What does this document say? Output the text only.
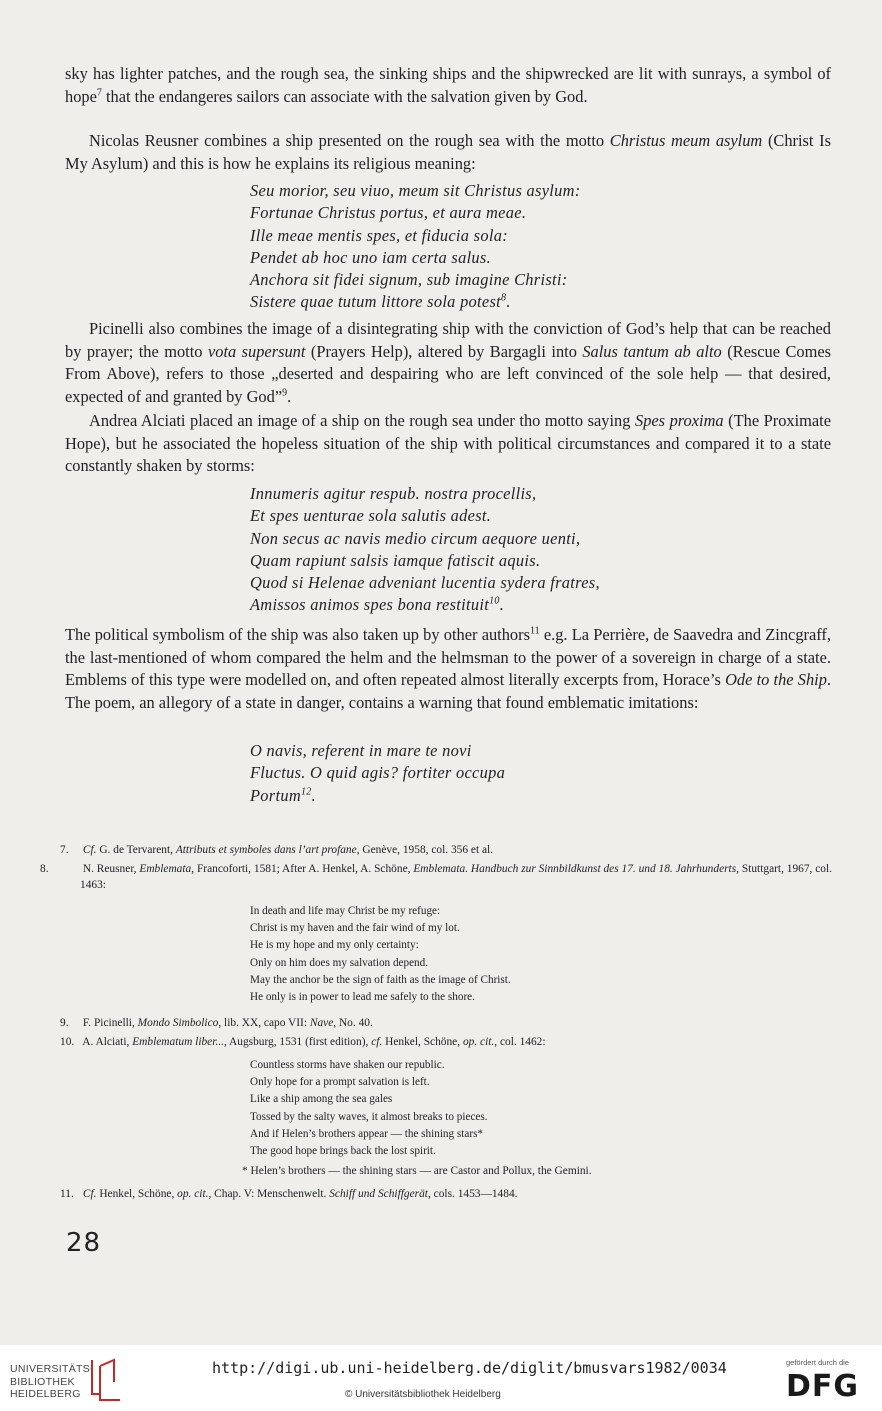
sky has lighter patches, and the rough sea, the sinking ships and the shipwrecked are lit with sunrays, a symbol of hope$^7$ that the endangeres sailors can associate with the salvation given by God.

Nicolas Reusner combines a ship presented on the rough sea with the motto Christus meum asylum (Christ Is My Asylum) and this is how he explains its religious meaning:

Seu morior, seu viuo, meum sit Christus asylum:
Fortunae Christus portus, et aura meae.
Ille meae mentis spes, et fiducia sola:
Pendet ab hoc uno iam certa salus.
Anchora sit fidei signum, sub imagine Christi:
Sistere quae tutum littore sola potest$^8$.

Picinelli also combines the image of a disintegrating ship with the conviction of God’s help that can be reached by prayer; the motto vota supersunt (Prayers Help), altered by Bargagli into Salus tantum ab alto (Rescue Comes From Above), refers to those „deserted and despairing who are left convinced of the sole help — that desired, expected of and granted by God”$^9$.

Andrea Alciati placed an image of a ship on the rough sea under tho motto saying Spes proxima (The Proximate Hope), but he associated the hopeless situation of the ship with political circumstances and compared it to a state constantly shaken by storms:

Innumeris agitur respub. nostra procellis,
Et spes uenturae sola salutis adest.
Non secus ac navis medio circum aequore uenti,
Quam rapiunt salsis iamque fatiscit aquis.
Quod si Helenae adveniant lucentia sydera fratres,
Amissos animos spes bona restituit$^{10}$.

The political symbolism of the ship was also taken up by other authors$^{11}$ e.g. La Perrière, de Saavedra and Zincgraff, the last-mentioned of whom compared the helm and the helmsman to the power of a sovereign in charge of a state. Emblems of this type were modelled on, and often repeated almost literally excerpts from, Horace’s Ode to the Ship. The poem, an allegory of a state in danger, contains a warning that found emblematic imitations:

O navis, referent in mare te novi
Fluctus. O quid agis? fortiter occupa
Portum$^{12}$.
7. Cf. G. de Tervarent, Attributs et symboles dans l’art profane, Genève, 1958, col. 356 et al.
8.	N. Reusner, Emblemata, Francoforti, 1581; After A. Henkel, A. Schöne, Emblemata. Handbuch zur Sinnbildkunst des 17. und 18. Jahrhunderts, Stuttgart, 1967, col. 1463:
In death and life may Christ be my refuge:
Christ is my haven and the fair wind of my lot.
He is my hope and my only certainty:
Only on him does my salvation depend.
May the anchor be the sign of faith as the image of Christ.
He only is in power to lead me safely to the shore.
9. F. Picinelli, Mondo Simbolico, lib. XX, capo VII: Nave, No. 40.
10. A. Alciati, Emblematum liber..., Augsburg, 1531 (first edition), cf. Henkel, Schöne, op. cit., col. 1462:
Countless storms have shaken our republic.
Only hope for a prompt salvation is left.
Like a ship among the sea gales
Tossed by the salty waves, it almost breaks to pieces.
And if Helen’s brothers appear — the shining stars*
The good hope brings back the lost spirit.
* Helen’s brothers — the shining stars — are Castor and Pollux, the Gemini.
11. Cf. Henkel, Schöne, op. cit., Chap. V: Menschenwelt. Schiff und Schiffgerät, cols. 1453—1484.
28
UNIVERSITÄTS-
BIBLIOTHEK
HEIDELBERG
http://digi.ub.uni-heidelberg.de/diglit/bmusvars1982/0034
© Universitätsbibliothek Heidelberg
gefördert durch die
DFG
